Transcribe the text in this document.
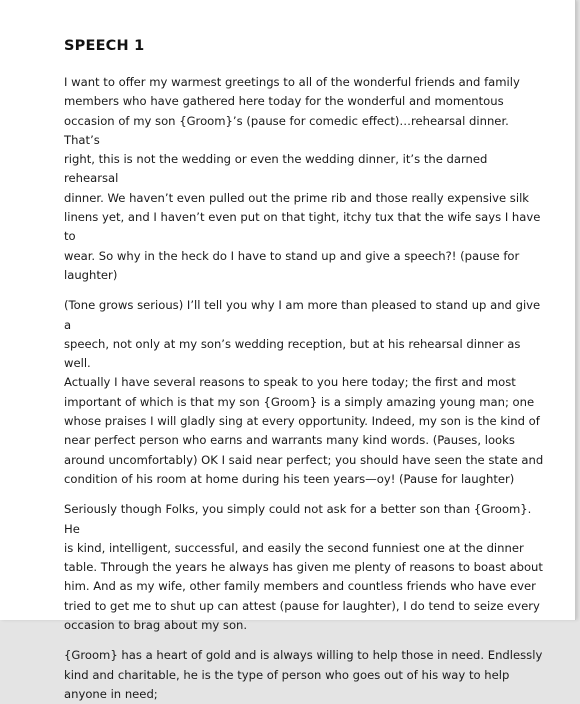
SPEECH 1

I want to offer my warmest greetings to all of the wonderful friends and family
members who have gathered here today for the wonderful and momentous
occasion of my son {Groom}’s (pause for comedic effect)…rehearsal dinner. That’s
right, this is not the wedding or even the wedding dinner, it’s the darned rehearsal
dinner. We haven’t even pulled out the prime rib and those really expensive silk
linens yet, and I haven’t even put on that tight, itchy tux that the wife says I have to
wear. So why in the heck do I have to stand up and give a speech?! (pause for
laughter)

(Tone grows serious) I’ll tell you why I am more than pleased to stand up and give a
speech, not only at my son’s wedding reception, but at his rehearsal dinner as well.
Actually I have several reasons to speak to you here today; the first and most
important of which is that my son {Groom} is a simply amazing young man; one
whose praises I will gladly sing at every opportunity. Indeed, my son is the kind of
near perfect person who earns and warrants many kind words. (Pauses, looks
around uncomfortably) OK I said near perfect; you should have seen the state and
condition of his room at home during his teen years—oy! (Pause for laughter)

Seriously though Folks, you simply could not ask for a better son than {Groom}. He
is kind, intelligent, successful, and easily the second funniest one at the dinner
table. Through the years he always has given me plenty of reasons to boast about
him. And as my wife, other family members and countless friends who have ever
tried to get me to shut up can attest (pause for laughter), I do tend to seize every
occasion to brag about my son.

{Groom} has a heart of gold and is always willing to help those in need. Endlessly
kind and charitable, he is the type of person who goes out of his way to help
anyone in need;
